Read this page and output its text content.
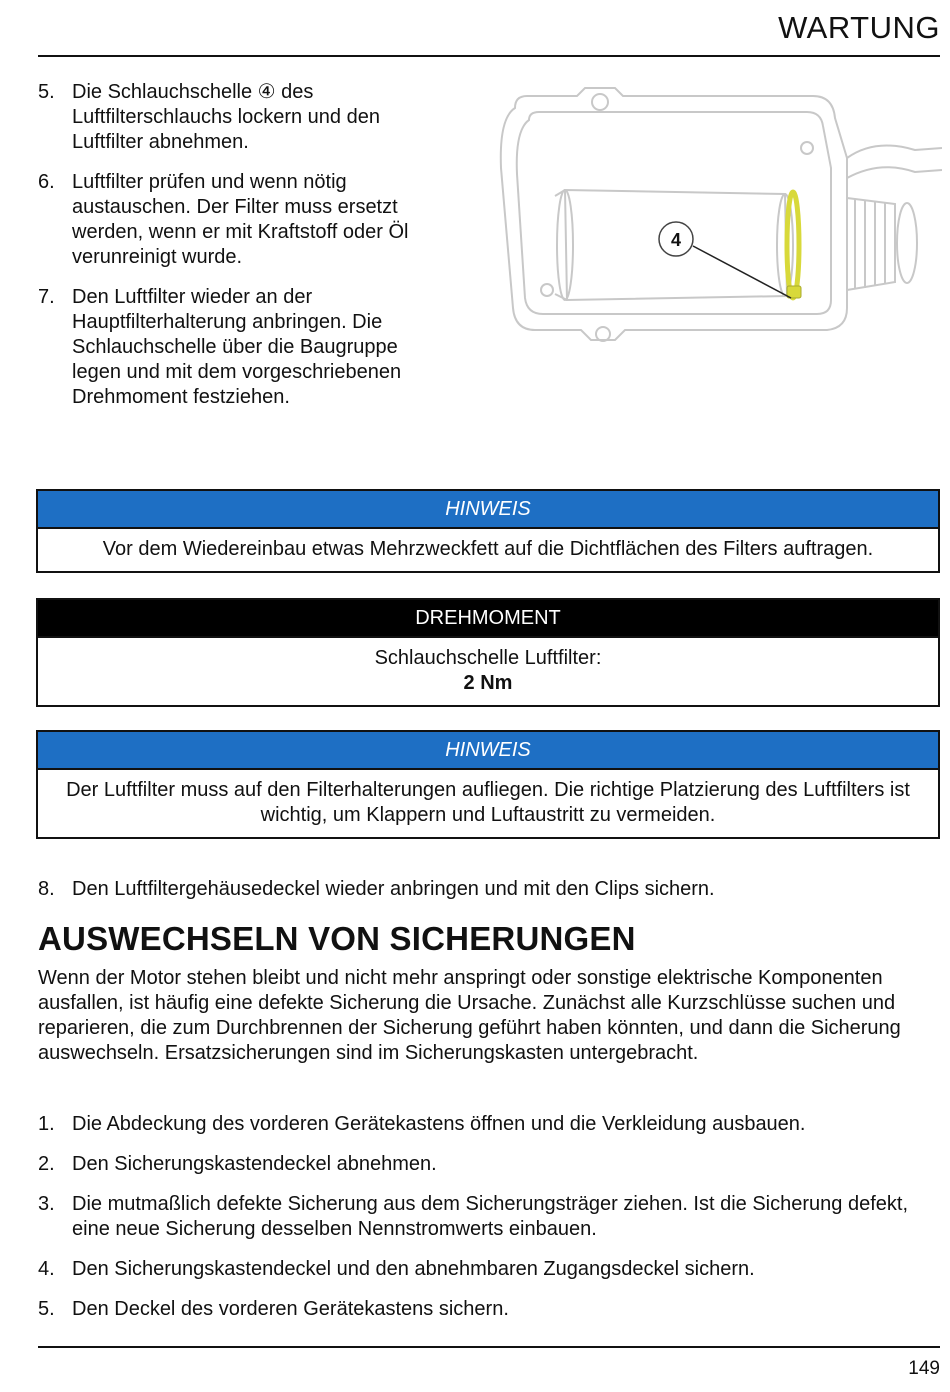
WARTUNG
5. Die Schlauchschelle ④ des Luftfilterschlauchs lockern und den Luftfilter abnehmen.
6. Luftfilter prüfen und wenn nötig austauschen. Der Filter muss ersetzt werden, wenn er mit Kraftstoff oder Öl verunreinigt wurde.
7. Den Luftfilter wieder an der Hauptfilterhalterung anbringen. Die Schlauchschelle über die Baugruppe legen und mit dem vorgeschriebenen Drehmoment festziehen.
4
HINWEIS
Vor dem Wiedereinbau etwas Mehrzweckfett auf die Dichtflächen des Filters auftragen.
DREHMOMENT
Schlauchschelle Luftfilter:
2 Nm
HINWEIS
Der Luftfilter muss auf den Filterhalterungen aufliegen. Die richtige Platzierung des Luftfilters ist wichtig, um Klappern und Luftaustritt zu vermeiden.
8. Den Luftfiltergehäusedeckel wieder anbringen und mit den Clips sichern.
AUSWECHSELN VON SICHERUNGEN

Wenn der Motor stehen bleibt und nicht mehr anspringt oder sonstige elektrische Komponenten ausfallen, ist häufig eine defekte Sicherung die Ursache. Zunächst alle Kurzschlüsse suchen und reparieren, die zum Durchbrennen der Sicherung geführt haben könnten, und dann die Sicherung auswechseln. Ersatzsicherungen sind im Sicherungskasten untergebracht.

1. Die Abdeckung des vorderen Gerätekastens öffnen und die Verkleidung ausbauen.
2. Den Sicherungskastendeckel abnehmen.
3. Die mutmaßlich defekte Sicherung aus dem Sicherungsträger ziehen. Ist die Sicherung defekt, eine neue Sicherung desselben Nennstromwerts einbauen.
4. Den Sicherungskastendeckel und den abnehmbaren Zugangsdeckel sichern.
5. Den Deckel des vorderen Gerätekastens sichern.
149
